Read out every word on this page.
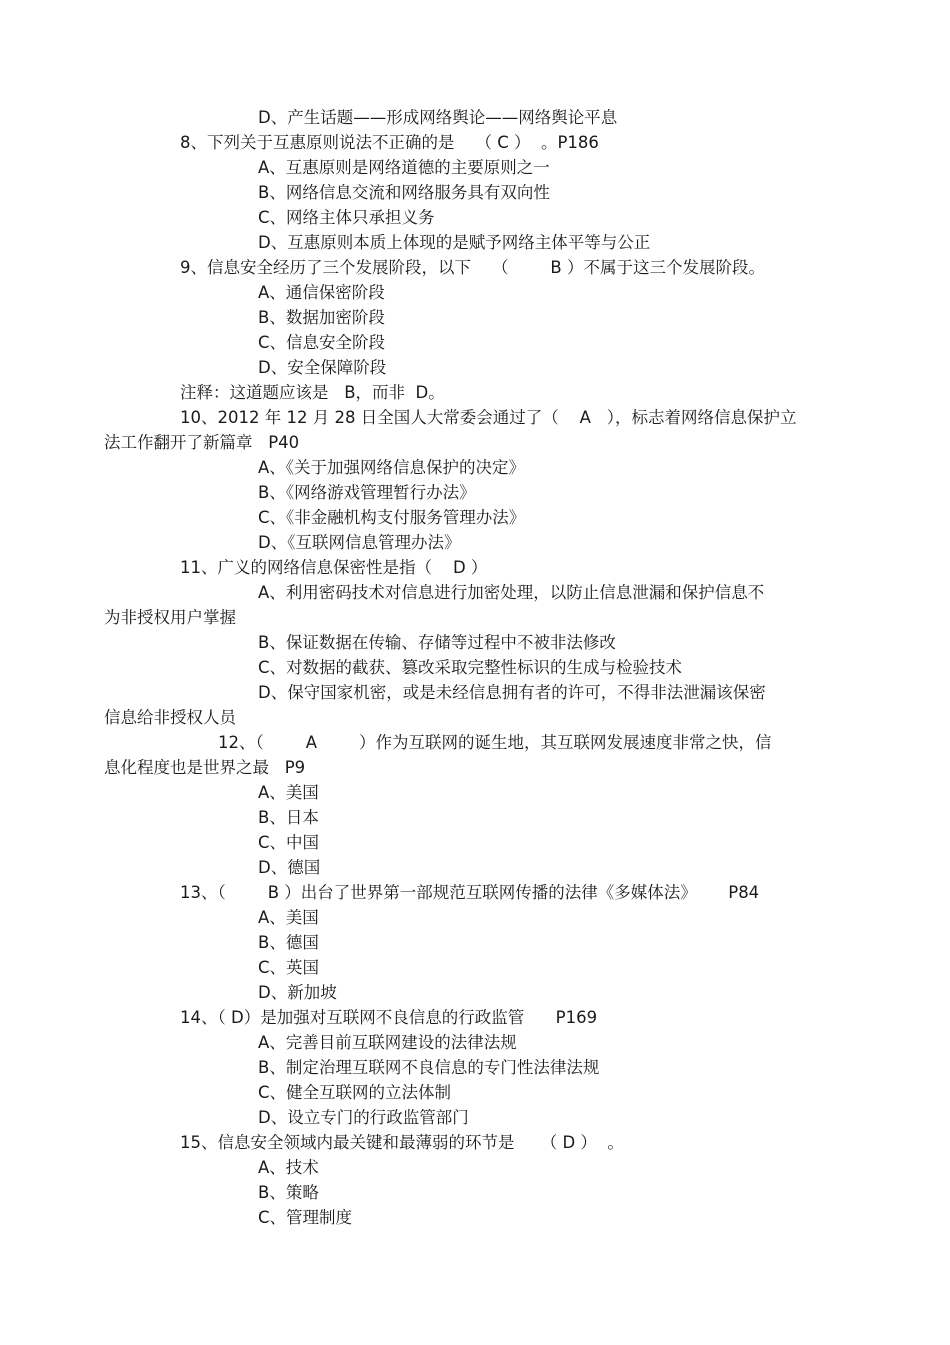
D、产生话题——形成网络舆论——网络舆论平息
8、下列关于互惠原则说法不正确的是    （ C ）  。P186
A、互惠原则是网络道德的主要原则之一
B、网络信息交流和网络服务具有双向性
C、网络主体只承担义务
D、互惠原则本质上体现的是赋予网络主体平等与公正
9、信息安全经历了三个发展阶段，以下    （        B ）不属于这三个发展阶段。
A、通信保密阶段
B、数据加密阶段
C、信息安全阶段
D、安全保障阶段
注释：这道题应该是   B，而非  D。
10、2012 年 12 月 28 日全国人大常委会通过了（    A   ），标志着网络信息保护立
法工作翻开了新篇章   P40
A、《关于加强网络信息保护的决定》
B、《网络游戏管理暂行办法》
C、《非金融机构支付服务管理办法》
D、《互联网信息管理办法》
11、广义的网络信息保密性是指（    D ）
A、利用密码技术对信息进行加密处理，以防止信息泄漏和保护信息不
为非授权用户掌握
B、保证数据在传输、存储等过程中不被非法修改
C、对数据的截获、篡改采取完整性标识的生成与检验技术
D、保守国家机密，或是未经信息拥有者的许可，不得非法泄漏该保密
信息给非授权人员
12、（        A        ）作为互联网的诞生地，其互联网发展速度非常之快，信
息化程度也是世界之最   P9
A、美国
B、日本
C、中国
D、德国
13、（        B ）出台了世界第一部规范互联网传播的法律《多媒体法》      P84
A、美国
B、德国
C、英国
D、新加坡
14、（ D）是加强对互联网不良信息的行政监管      P169
A、完善目前互联网建设的法律法规
B、制定治理互联网不良信息的专门性法律法规
C、健全互联网的立法体制
D、设立专门的行政监管部门
15、信息安全领域内最关键和最薄弱的环节是     （ D ）  。
A、技术
B、策略
C、管理制度
